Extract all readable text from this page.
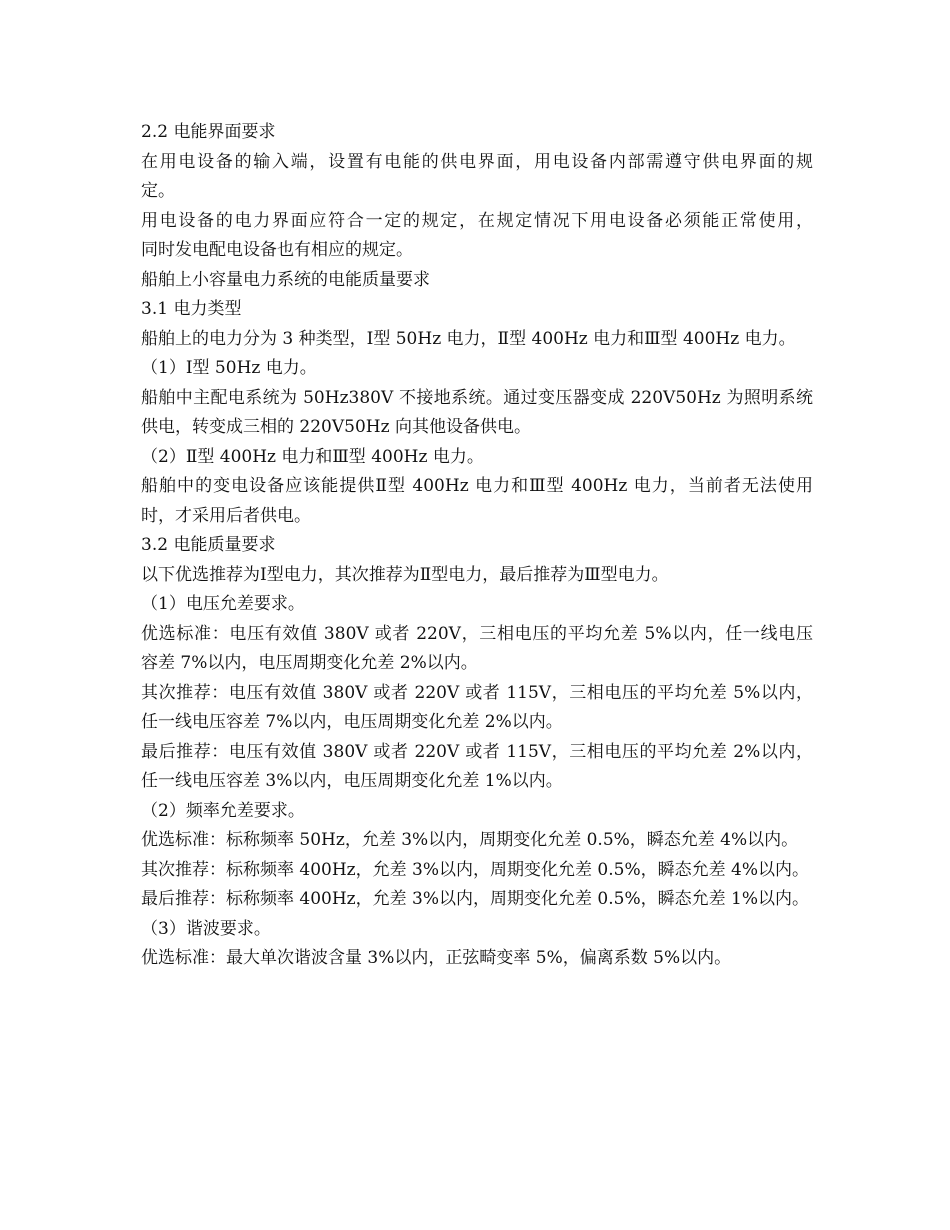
2.2 电能界面要求
在用电设备的输入端，设置有电能的供电界面，用电设备内部需遵守供电界面的规
定。
用电设备的电力界面应符合一定的规定，在规定情况下用电设备必须能正常使用，
同时发电配电设备也有相应的规定。
船舶上小容量电力系统的电能质量要求
3.1 电力类型
船舶上的电力分为 3 种类型，Ⅰ型 50Hz 电力，Ⅱ型 400Hz 电力和Ⅲ型 400Hz 电力。
（1）Ⅰ型 50Hz 电力。
船舶中主配电系统为 50Hz380V 不接地系统。通过变压器变成 220V50Hz 为照明系统
供电，转变成三相的 220V50Hz 向其他设备供电。
（2）Ⅱ型 400Hz 电力和Ⅲ型 400Hz 电力。
船舶中的变电设备应该能提供Ⅱ型 400Hz 电力和Ⅲ型 400Hz 电力，当前者无法使用
时，才采用后者供电。
3.2 电能质量要求
以下优选推荐为Ⅰ型电力，其次推荐为Ⅱ型电力，最后推荐为Ⅲ型电力。
（1）电压允差要求。
优选标准：电压有效值 380V 或者 220V，三相电压的平均允差 5%以内，任一线电压
容差 7%以内，电压周期变化允差 2%以内。
其次推荐：电压有效值 380V 或者 220V 或者 115V，三相电压的平均允差 5%以内，
任一线电压容差 7%以内，电压周期变化允差 2%以内。
最后推荐：电压有效值 380V 或者 220V 或者 115V，三相电压的平均允差 2%以内，
任一线电压容差 3%以内，电压周期变化允差 1%以内。
（2）频率允差要求。
优选标准：标称频率 50Hz，允差 3%以内，周期变化允差 0.5%，瞬态允差 4%以内。
其次推荐：标称频率 400Hz，允差 3%以内，周期变化允差 0.5%，瞬态允差 4%以内。
最后推荐：标称频率 400Hz，允差 3%以内，周期变化允差 0.5%，瞬态允差 1%以内。
（3）谐波要求。
优选标准：最大单次谐波含量 3%以内，正弦畸变率 5%，偏离系数 5%以内。
